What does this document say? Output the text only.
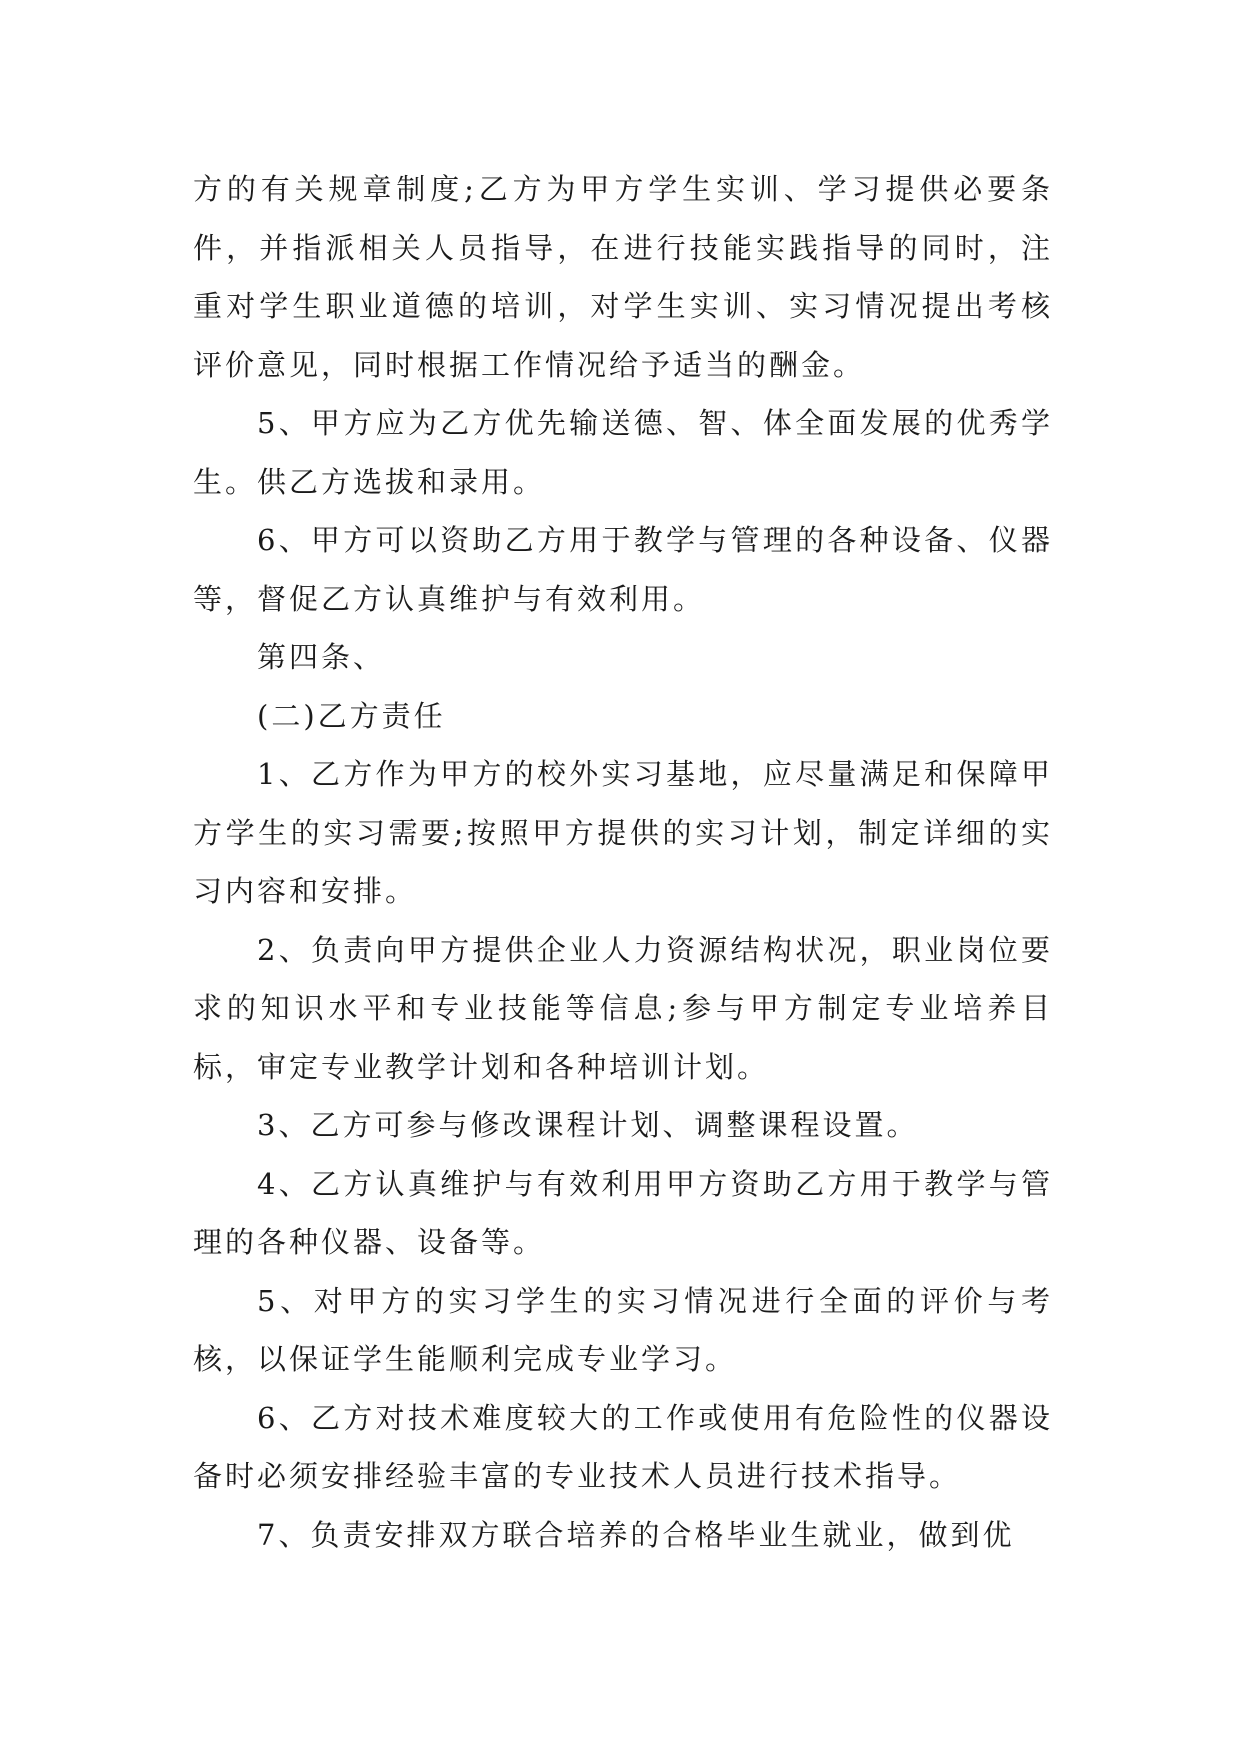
方的有关规章制度;乙方为甲方学生实训、学习提供必要条件，并指派相关人员指导，在进行技能实践指导的同时，注重对学生职业道德的培训，对学生实训、实习情况提出考核评价意见，同时根据工作情况给予适当的酬金。

5、甲方应为乙方优先输送德、智、体全面发展的优秀学生。供乙方选拔和录用。

6、甲方可以资助乙方用于教学与管理的各种设备、仪器等，督促乙方认真维护与有效利用。

第四条、

(二)乙方责任

1、乙方作为甲方的校外实习基地，应尽量满足和保障甲方学生的实习需要;按照甲方提供的实习计划，制定详细的实习内容和安排。

2、负责向甲方提供企业人力资源结构状况，职业岗位要求的知识水平和专业技能等信息;参与甲方制定专业培养目标，审定专业教学计划和各种培训计划。

3、乙方可参与修改课程计划、调整课程设置。

4、乙方认真维护与有效利用甲方资助乙方用于教学与管理的各种仪器、设备等。

5、对甲方的实习学生的实习情况进行全面的评价与考核，以保证学生能顺利完成专业学习。

6、乙方对技术难度较大的工作或使用有危险性的仪器设备时必须安排经验丰富的专业技术人员进行技术指导。

7、负责安排双方联合培养的合格毕业生就业，做到优
